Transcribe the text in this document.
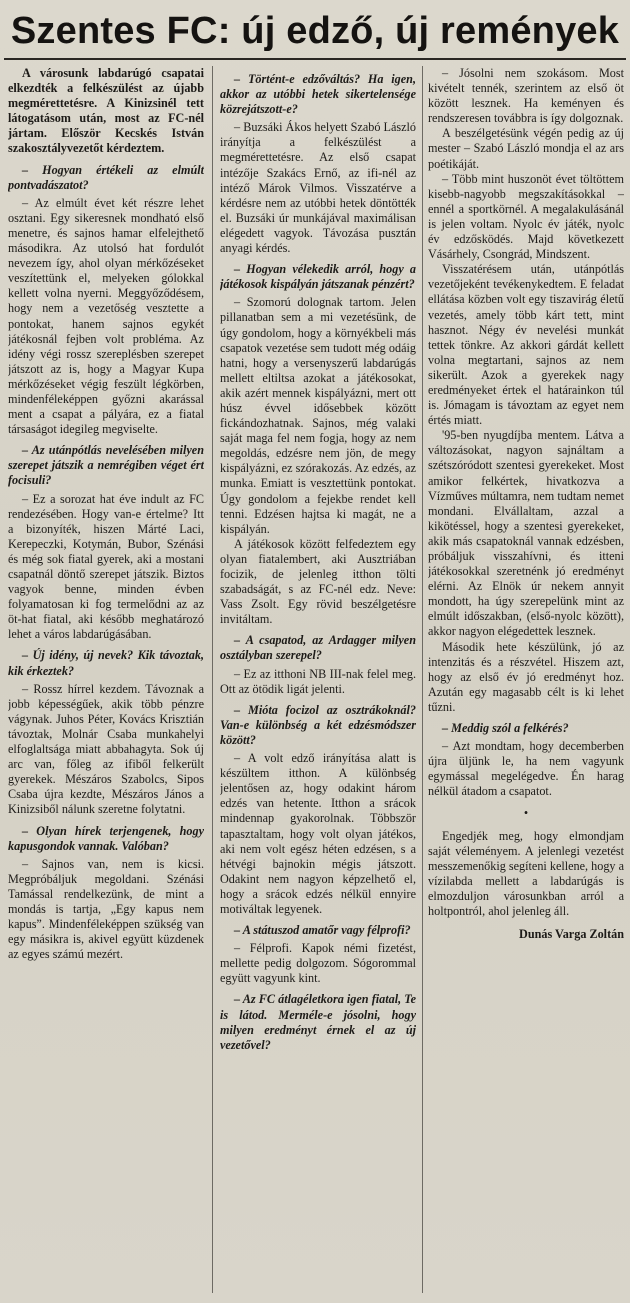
Szentes FC: új edző, új remények

A városunk labdarúgó csapatai elkezdték a felkészülést az újabb megmérettetésre. A Kinizsinél tett látogatásom után, most az FC-nél jártam. Először Kecskés István szakosztályvezetőt kérdeztem.

– Hogyan értékeli az elmúlt pontvadászatot?

– Az elmúlt évet két részre lehet osztani. Egy sikeresnek mondható első menetre, és sajnos hamar elfelejthető másodikra. Az utolsó hat fordulót nevezem így, ahol olyan mérkőzéseket veszítettünk el, melyeken gólokkal kellett volna nyerni. Meggyőződésem, hogy nem a vezetőség vesztette a pontokat, hanem sajnos egykét játékosnál fejben volt probléma. Az idény végi rossz szereplésben szerepet játszott az is, hogy a Magyar Kupa mérkőzéseket végig feszült légkörben, mindenféleképpen győzni akarással ment a csapat a pályára, ez a fiatal társaságot idegileg megviselte.

– Az utánpótlás nevelésében milyen szerepet játszik a nemrégiben véget ért focisuli?

– Ez a sorozat hat éve indult az FC rendezésében. Hogy van-e értelme? Itt a bizonyíték, hiszen Márté Laci, Kerepeczki, Kotymán, Bubor, Szénási és még sok fiatal gyerek, aki a mostani csapatnál döntő szerepet játszik. Biztos vagyok benne, minden évben folyamatosan ki fog termelődni az az öt-hat fiatal, aki később meghatározó lehet a város labdarúgásában.

– Új idény, új nevek? Kik távoztak, kik érkeztek?

– Rossz hírrel kezdem. Távoznak a jobb képességűek, akik több pénzre vágynak. Juhos Péter, Kovács Krisztián távoztak, Molnár Csaba munkahelyi elfoglaltsága miatt abbahagyta. Sok új arc van, főleg az ifiből felkerült gyerekek. Mészáros Szabolcs, Sipos Csaba újra kezdte, Mészáros János a Kinizsiből nálunk szeretne folytatni.

– Olyan hírek terjengenek, hogy kapusgondok vannak. Valóban?

– Sajnos van, nem is kicsi. Megpróbáljuk megoldani. Szénási Tamással rendelkezünk, de mint a mondás is tartja, „Egy kapus nem kapus”. Mindenféleképpen szükség van egy másikra is, akivel együtt küzdenek az egyes számú mezért.

– Történt-e edzőváltás? Ha igen, akkor az utóbbi hetek sikertelensége közrejátszott-e?

– Buzsáki Ákos helyett Szabó László irányítja a felkészülést a megmérettetésre. Az első csapat intézője Szakács Ernő, az ifi-nél az intéző Márok Vilmos. Visszatérve a kérdésre nem az utóbbi hetek döntötték el. Buzsáki úr munkájával maximálisan elégedett vagyok. Távozása pusztán anyagi kérdés.

– Hogyan vélekedik arról, hogy a játékosok kispályán játszanak pénzért?

– Szomorú dolognak tartom. Jelen pillanatban sem a mi vezetésünk, de úgy gondolom, hogy a környékbeli más csapatok vezetése sem tudott még odáig hatni, hogy a versenyszerű labdarúgás mellett eltiltsa azokat a játékosokat, akik azért mennek kispályázni, mert ott húsz évvel idősebbek között fickándozhatnak. Sajnos, még valaki saját maga fel nem fogja, hogy az nem megoldás, edzésre nem jön, de megy kispályázni, ez szórakozás. Az edzés, az munka. Emiatt is vesztettünk pontokat. Úgy gondolom a fejekbe rendet kell tenni. Edzésen hajtsa ki magát, ne a kispályán.

A játékosok között felfedeztem egy olyan fiatalembert, aki Ausztriában focizik, de jelenleg itthon tölti szabadságát, s az FC-nél edz. Neve: Vass Zsolt. Egy rövid beszélgetésre invitáltam.

– A csapatod, az Ardagger milyen osztályban szerepel?

– Ez az itthoni NB III-nak felel meg. Ott az ötödik ligát jelenti.

– Mióta focizol az osztrákoknál? Van-e különbség a két edzésmódszer között?

– A volt edző irányítása alatt is készültem itthon. A különbség jelentősen az, hogy odakint három edzés van hetente. Itthon a srácok mindennap gyakorolnak. Többször tapasztaltam, hogy volt olyan játékos, aki nem volt egész héten edzésen, s a hétvégi bajnokin mégis játszott. Odakint nem nagyon képzelhető el, hogy a srácok edzés nélkül ennyire motiváltak legyenek.

– A státuszod amatőr vagy félprofi?

– Félprofi. Kapok némi fizetést, mellette pedig dolgozom. Sógorommal együtt vagyunk kint.

– Az FC átlagéletkora igen fiatal, Te is látod. Merméle-e jósolni, hogy milyen eredményt érnek el az új vezetővel?

– Jósolni nem szokásom. Most kivételt tennék, szerintem az első öt között lesznek. Ha keményen és rendszeresen továbbra is így dolgoznak.

A beszélgetésünk végén pedig az új mester – Szabó László mondja el az ars poétikáját.

– Több mint huszonöt évet töltöttem kisebb-nagyobb megszakításokkal – ennél a sportkörnél. A megalakulásánál is jelen voltam. Nyolc év játék, nyolc év edzősködés. Majd következett Vásárhely, Csongrád, Mindszent.

Visszatérésem után, utánpótlás vezetőjeként tevékenykedtem. E feladat ellátása közben volt egy tiszavirág életű vezetés, amely több kárt tett, mint hasznot. Négy év nevelési munkát tettek tönkre. Az akkori gárdát kellett volna megtartani, sajnos az nem sikerült. Azok a gyerekek nagy eredményeket értek el határainkon túl is. Jómagam is távoztam az egyet nem értés miatt.

'95-ben nyugdíjba mentem. Látva a változásokat, nagyon sajnáltam a szétszóródott szentesi gyerekeket. Most amikor felkértek, hivatkozva a Vízműves múltamra, nem tudtam nemet mondani. Elvállaltam, azzal a kikötéssel, hogy a szentesi gyerekeket, akik más csapatoknál vannak edzésben, próbáljuk visszahívni, és itteni játékosokkal szeretnénk jó eredményt elérni. Az Elnök úr nekem annyit mondott, ha úgy szerepelünk mint az elmúlt időszakban, (első-nyolc között), akkor nagyon elégedettek lesznek.

Második hete készülünk, jó az intenzitás és a részvétel. Hiszem azt, hogy az első év jó eredményt hoz. Azután egy magasabb célt is ki lehet tűzni.

– Meddig szól a felkérés?

– Azt mondtam, hogy decemberben újra üljünk le, ha nem vagyunk egymással megelégedve. Én harag nélkül átadom a csapatot.

•

Engedjék meg, hogy elmondjam saját véleményem. A jelenlegi vezetést messzemenőkig segíteni kellene, hogy a vízilabda mellett a labdarúgás is elmozduljon városunkban arról a holtpontról, ahol jelenleg áll.

Dunás Varga Zoltán
